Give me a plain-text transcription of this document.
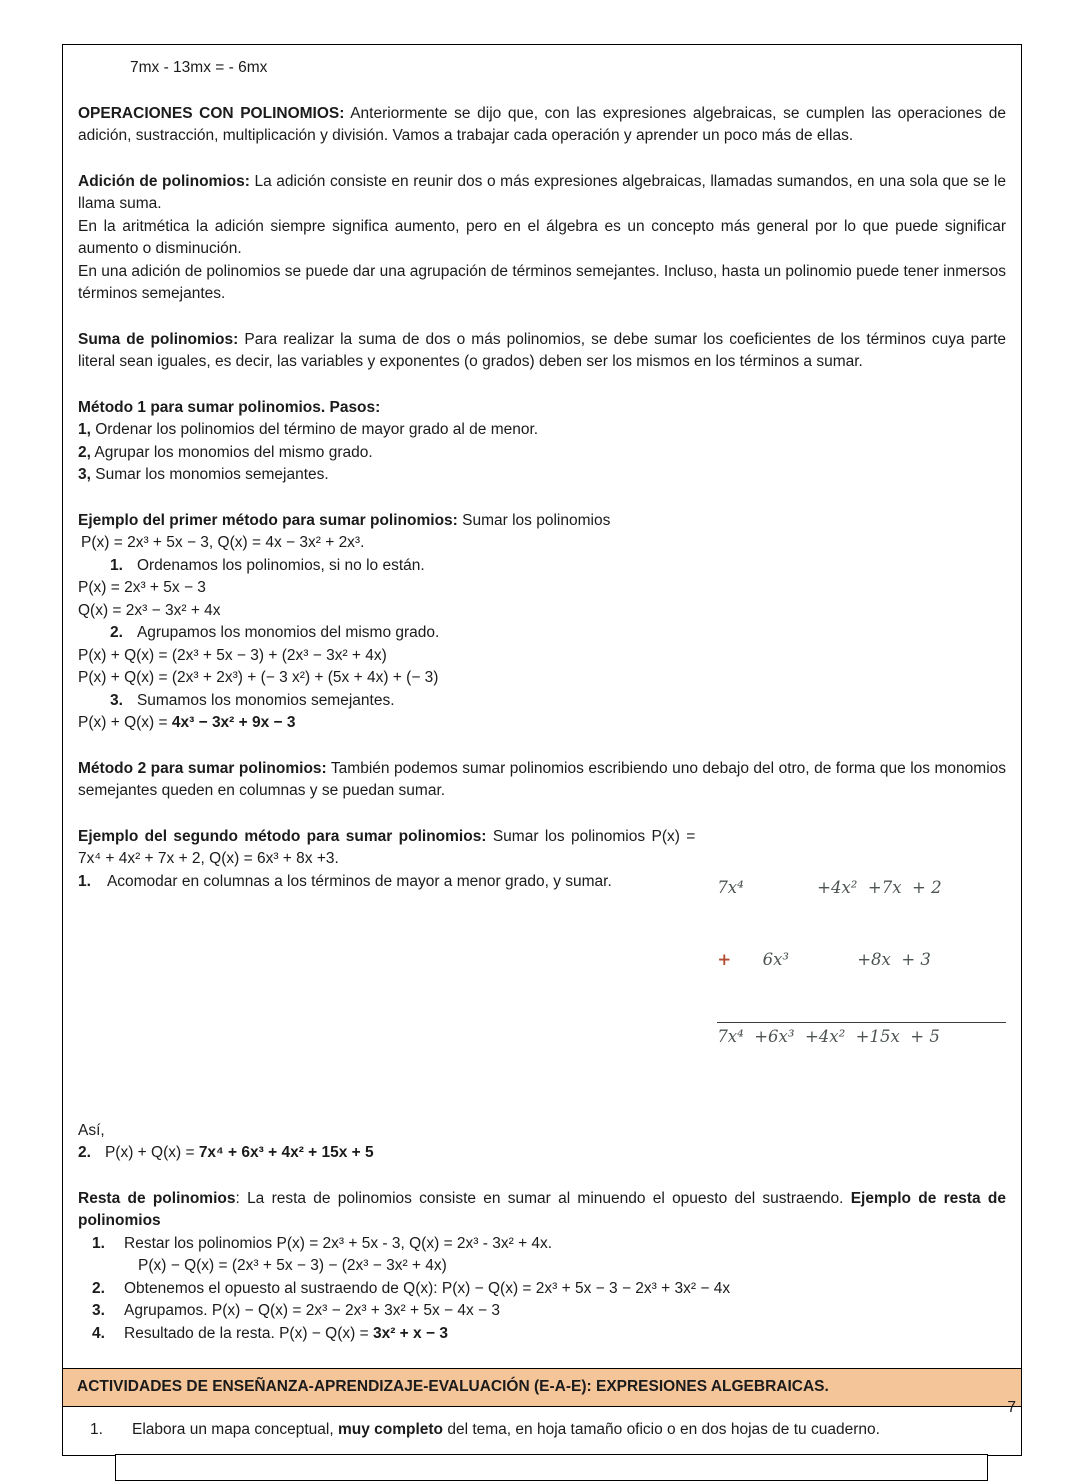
7mx - 13mx = - 6mx

OPERACIONES CON POLINOMIOS: Anteriormente se dijo que, con las expresiones algebraicas, se cumplen las operaciones de adición, sustracción, multiplicación y división. Vamos a trabajar cada operación y aprender un poco más de ellas.

Adición de polinomios: La adición consiste en reunir dos o más expresiones algebraicas, llamadas sumandos, en una sola que se le llama suma.
En la aritmética la adición siempre significa aumento, pero en el álgebra es un concepto más general por lo que puede significar aumento o disminución.
En una adición de polinomios se puede dar una agrupación de términos semejantes. Incluso, hasta un polinomio puede tener inmersos términos semejantes.

Suma de polinomios: Para realizar la suma de dos o más polinomios, se debe sumar los coeficientes de los términos cuya parte literal sean iguales, es decir, las variables y exponentes (o grados) deben ser los mismos en los términos a sumar.

Método 1 para sumar polinomios. Pasos:
1, Ordenar los polinomios del término de mayor grado al de menor.
2, Agrupar los monomios del mismo grado.
3, Sumar los monomios semejantes.
Ejemplo del primer método para sumar polinomios: Sumar los polinomios
P(x) = 2x³ + 5x − 3, Q(x) = 4x − 3x² + 2x³.
1. Ordenamos los polinomios, si no lo están.
P(x) = 2x³ + 5x − 3
Q(x) = 2x³ − 3x² + 4x
2. Agrupamos los monomios del mismo grado.
P(x) + Q(x) = (2x³ + 5x − 3) + (2x³ − 3x² + 4x)
P(x) + Q(x) = (2x³ + 2x³) + (− 3 x²) + (5x + 4x) + (− 3)
3. Sumamos los monomios semejantes.
P(x) + Q(x) = 4x³ − 3x² + 9x − 3

Método 2 para sumar polinomios: También podemos sumar polinomios escribiendo uno debajo del otro, de forma que los monomios semejantes queden en columnas y se puedan sumar.

Ejemplo del segundo método para sumar polinomios: Sumar los polinomios P(x) = 7x⁴ + 4x² + 7x + 2, Q(x) = 6x³ + 8x +3.

1. Acomodar en columnas a los términos de mayor a menor grado, y sumar.

	7x⁴              +4x²  +7x  + 2

+ 6x³             +8x  + 3

7x⁴  +6x³  +4x²  +15x  + 5

Así,
2. P(x) + Q(x) = 7x⁴ + 6x³ + 4x² + 15x + 5

Resta de polinomios: La resta de polinomios consiste en sumar al minuendo el opuesto del sustraendo. Ejemplo de resta de polinomios

1.	Restar los polinomios P(x) = 2x³ + 5x - 3, Q(x) = 2x³ - 3x² + 4x.
P(x) − Q(x) = (2x³ + 5x − 3) − (2x³ − 3x² + 4x)
2.	Obtenemos el opuesto al sustraendo de Q(x): P(x) − Q(x) = 2x³ + 5x − 3 − 2x³ + 3x² − 4x
3.	Agrupamos. P(x) − Q(x) = 2x³ − 2x³ + 3x² + 5x − 4x − 3
4.	Resultado de la resta. P(x) − Q(x) = 3x² + x − 3
ACTIVIDADES DE ENSEÑANZA-APRENDIZAJE-EVALUACIÓN (E-A-E): EXPRESIONES ALGEBRAICAS.
1.	Elabora un mapa conceptual, muy completo del tema, en hoja tamaño oficio o en dos hojas de tu cuaderno.
7
